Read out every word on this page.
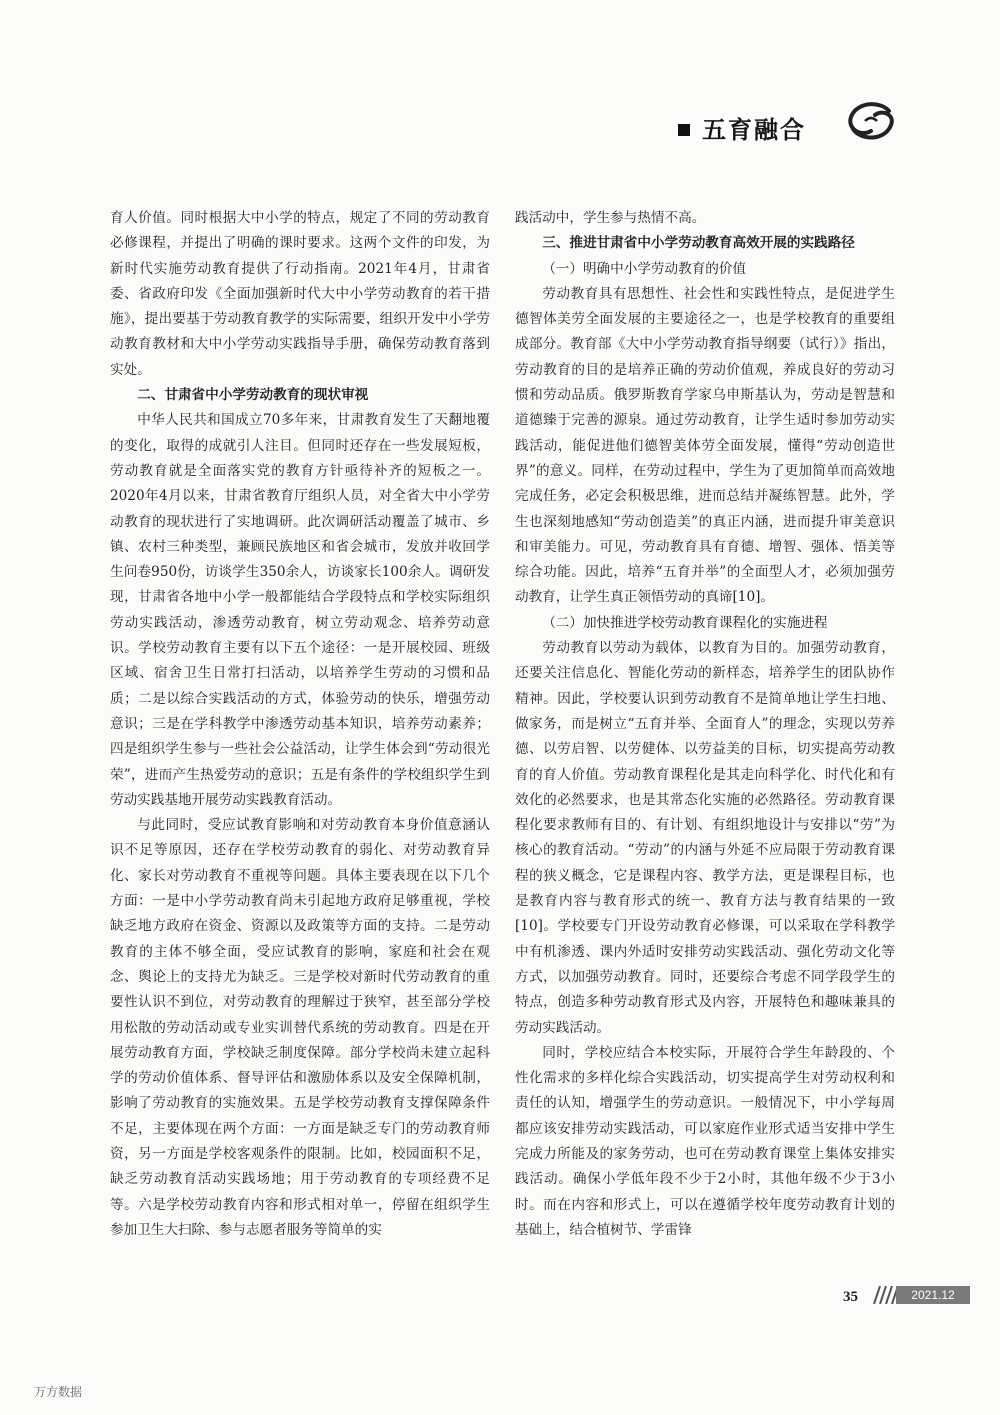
五育融合

育人价值。同时根据大中小学的特点，规定了不同的劳动教育必修课程，并提出了明确的课时要求。这两个文件的印发，为新时代实施劳动教育提供了行动指南。2021年4月，甘肃省委、省政府印发《全面加强新时代大中小学劳动教育的若干措施》，提出要基于劳动教育教学的实际需要，组织开发中小学劳动教育教材和大中小学劳动实践指导手册，确保劳动教育落到实处。

二、甘肃省中小学劳动教育的现状审视

中华人民共和国成立70多年来，甘肃教育发生了天翻地覆的变化，取得的成就引人注目。但同时还存在一些发展短板，劳动教育就是全面落实党的教育方针亟待补齐的短板之一。2020年4月以来，甘肃省教育厅组织人员，对全省大中小学劳动教育的现状进行了实地调研。此次调研活动覆盖了城市、乡镇、农村三种类型，兼顾民族地区和省会城市，发放并收回学生问卷950份，访谈学生350余人，访谈家长100余人。调研发现，甘肃省各地中小学一般都能结合学段特点和学校实际组织劳动实践活动，渗透劳动教育，树立劳动观念、培养劳动意识。学校劳动教育主要有以下五个途径：一是开展校园、班级区域、宿舍卫生日常打扫活动，以培养学生劳动的习惯和品质；二是以综合实践活动的方式，体验劳动的快乐，增强劳动意识；三是在学科教学中渗透劳动基本知识，培养劳动素养；四是组织学生参与一些社会公益活动，让学生体会到“劳动很光荣”，进而产生热爱劳动的意识；五是有条件的学校组织学生到劳动实践基地开展劳动实践教育活动。

与此同时，受应试教育影响和对劳动教育本身价值意涵认识不足等原因，还存在学校劳动教育的弱化、对劳动教育异化、家长对劳动教育不重视等问题。具体主要表现在以下几个方面：一是中小学劳动教育尚未引起地方政府足够重视，学校缺乏地方政府在资金、资源以及政策等方面的支持。二是劳动教育的主体不够全面，受应试教育的影响，家庭和社会在观念、舆论上的支持尤为缺乏。三是学校对新时代劳动教育的重要性认识不到位，对劳动教育的理解过于狭窄，甚至部分学校用松散的劳动活动或专业实训替代系统的劳动教育。四是在开展劳动教育方面，学校缺乏制度保障。部分学校尚未建立起科学的劳动价值体系、督导评估和激励体系以及安全保障机制，影响了劳动教育的实施效果。五是学校劳动教育支撑保障条件不足，主要体现在两个方面：一方面是缺乏专门的劳动教育师资，另一方面是学校客观条件的限制。比如，校园面积不足，缺乏劳动教育活动实践场地；用于劳动教育的专项经费不足等。六是学校劳动教育内容和形式相对单一，停留在组织学生参加卫生大扫除、参与志愿者服务等简单的实

践活动中，学生参与热情不高。

三、推进甘肃省中小学劳动教育高效开展的实践路径
（一）明确中小学劳动教育的价值

劳动教育具有思想性、社会性和实践性特点，是促进学生德智体美劳全面发展的主要途径之一，也是学校教育的重要组成部分。教育部《大中小学劳动教育指导纲要（试行）》指出，劳动教育的目的是培养正确的劳动价值观，养成良好的劳动习惯和劳动品质。俄罗斯教育学家乌申斯基认为，劳动是智慧和道德臻于完善的源泉。通过劳动教育，让学生适时参加劳动实践活动，能促进他们德智美体劳全面发展，懂得“劳动创造世界”的意义。同样，在劳动过程中，学生为了更加简单而高效地完成任务，必定会积极思维，进而总结并凝练智慧。此外，学生也深刻地感知“劳动创造美”的真正内涵，进而提升审美意识和审美能力。可见，劳动教育具有育德、增智、强体、悟美等综合功能。因此，培养“五育并举”的全面型人才，必须加强劳动教育，让学生真正领悟劳动的真谛[10]。

（二）加快推进学校劳动教育课程化的实施进程

劳动教育以劳动为载体，以教育为目的。加强劳动教育，还要关注信息化、智能化劳动的新样态，培养学生的团队协作精神。因此，学校要认识到劳动教育不是简单地让学生扫地、做家务，而是树立“五育并举、全面育人”的理念，实现以劳养德、以劳启智、以劳健体、以劳益美的目标，切实提高劳动教育的育人价值。劳动教育课程化是其走向科学化、时代化和有效化的必然要求，也是其常态化实施的必然路径。劳动教育课程化要求教师有目的、有计划、有组织地设计与安排以“劳”为核心的教育活动。“劳动”的内涵与外延不应局限于劳动教育课程的狭义概念，它是课程内容、教学方法，更是课程目标，也是教育内容与教育形式的统一、教育方法与教育结果的一致[10]。学校要专门开设劳动教育必修课，可以采取在学科教学中有机渗透、课内外适时安排劳动实践活动、强化劳动文化等方式，以加强劳动教育。同时，还要综合考虑不同学段学生的特点，创造多种劳动教育形式及内容，开展特色和趣味兼具的劳动实践活动。

同时，学校应结合本校实际，开展符合学生年龄段的、个性化需求的多样化综合实践活动，切实提高学生对劳动权利和责任的认知，增强学生的劳动意识。一般情况下，中小学每周都应该安排劳动实践活动，可以家庭作业形式适当安排中学生完成力所能及的家务劳动，也可在劳动教育课堂上集体安排实践活动。确保小学低年段不少于2小时，其他年级不少于3小时。而在内容和形式上，可以在遵循学校年度劳动教育计划的基础上，结合植树节、学雷锋

35	2021.12
万方数据
